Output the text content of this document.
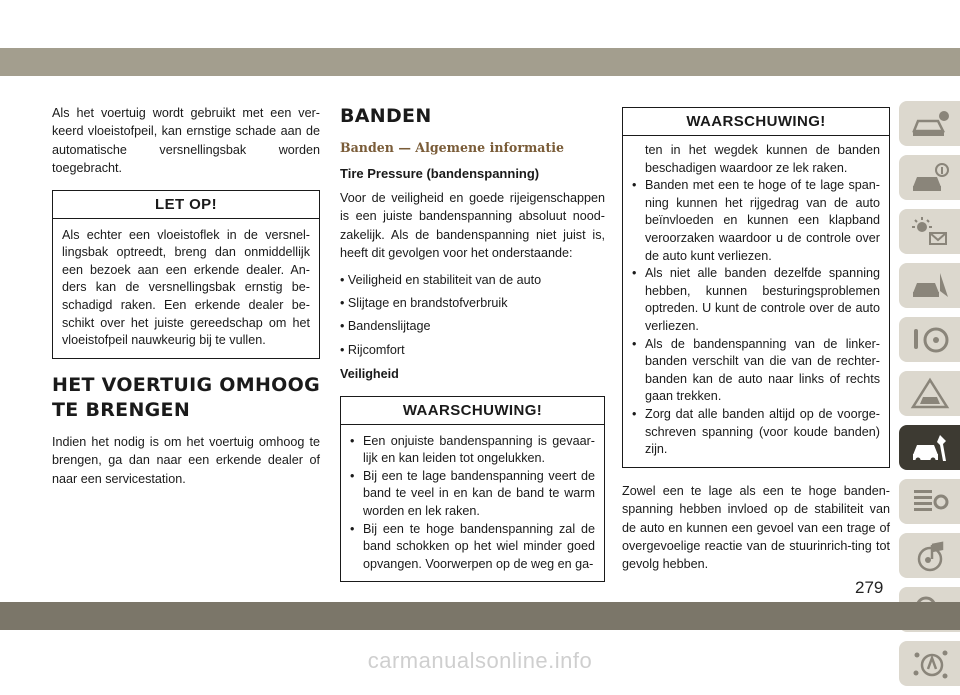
Als het voertuig wordt gebruikt met een ver-keerd vloeistofpeil, kan ernstige schade aan de automatische versnellingsbak worden toegebracht.

LET OP!
Als echter een vloeistoflek in de versnel-lingsbak optreedt, breng dan onmiddellijk een bezoek aan een erkende dealer. An-ders kan de versnellingsbak ernstig be-schadigd raken. Een erkende dealer be-schikt over het juiste gereedschap om het vloeistofpeil nauwkeurig bij te vullen.
HET VOERTUIG OMHOOG TE BRENGEN

Indien het nodig is om het voertuig omhoog te brengen, ga dan naar een erkende dealer of naar een servicestation.

BANDEN
Banden — Algemene informatie
Tire Pressure (bandenspanning)

Voor de veiligheid en goede rijeigenschappen is een juiste bandenspanning absoluut nood-zakelijk. Als de bandenspanning niet juist is, heeft dit gevolgen voor het onderstaande:

• Veiligheid en stabiliteit van de auto
• Slijtage en brandstofverbruik
• Bandenslijtage
• Rijcomfort

Veiligheid

WAARSCHUWING!
• Een onjuiste bandenspanning is gevaar-lijk en kan leiden tot ongelukken.
• Bij een te lage bandenspanning veert de band te veel in en kan de band te warm worden en lek raken.
• Bij een te hoge bandenspanning zal de band schokken op het wiel minder goed opvangen. Voorwerpen op de weg en ga-
WAARSCHUWING!
ten in het wegdek kunnen de banden beschadigen waardoor ze lek raken.
• Banden met een te hoge of te lage span-ning kunnen het rijgedrag van de auto beïnvloeden en kunnen een klapband veroorzaken waardoor u de controle over de auto kunt verliezen.
• Als niet alle banden dezelfde spanning hebben, kunnen besturingsproblemen optreden. U kunt de controle over de auto verliezen.
• Als de bandenspanning van de linker-banden verschilt van die van de rechter-banden kan de auto naar links of rechts gaan trekken.
• Zorg dat alle banden altijd op de voorge-schreven spanning (voor koude banden) zijn.

Zowel een te lage als een te hoge banden-spanning hebben invloed op de stabiliteit van de auto en kunnen een gevoel van een trage of overgevoelige reactie van de stuurinrich-ting tot gevolg hebben.

279
carmanualsonline.info
